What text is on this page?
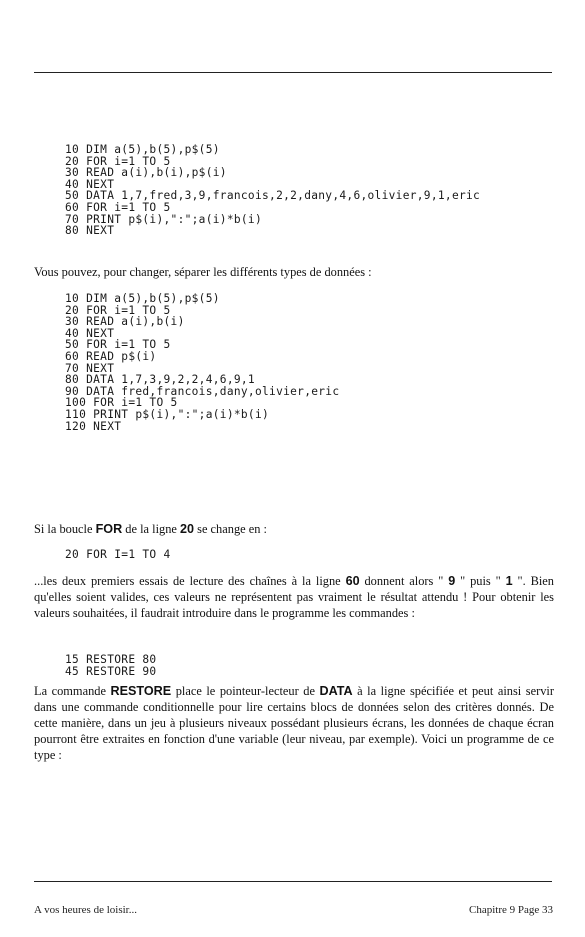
10 DIM a(5),b(5),p$(5)
20 FOR i=1 TO 5
30 READ a(i),b(i),p$(i)
40 NEXT
50 DATA 1,7,fred,3,9,francois,2,2,dany,4,6,olivier,9,1,eric
60 FOR i=1 TO 5
70 PRINT p$(i),":";a(i)*b(i)
80 NEXT

Vous pouvez, pour changer, séparer les différents types de données :

10 DIM a(5),b(5),p$(5)
20 FOR i=1 TO 5
30 READ a(i),b(i)
40 NEXT
50 FOR i=1 TO 5
60 READ p$(i)
70 NEXT
80 DATA 1,7,3,9,2,2,4,6,9,1
90 DATA fred,francois,dany,olivier,eric
100 FOR i=1 TO 5
110 PRINT p$(i),":";a(i)*b(i)
120 NEXT

Si la boucle FOR de la ligne 20 se change en :

20 FOR I=1 TO 4

...les deux premiers essais de lecture des chaînes à la ligne 60 donnent alors " 9 " puis " 1 ". Bien qu'elles soient valides, ces valeurs ne représentent pas vraiment le résultat attendu ! Pour obtenir les valeurs souhaitées, il faudrait introduire dans le programme les commandes :

15 RESTORE 80
45 RESTORE 90

La commande RESTORE place le pointeur-lecteur de DATA à la ligne spécifiée et peut ainsi servir dans une commande conditionnelle pour lire certains blocs de données selon des critères donnés. De cette manière, dans un jeu à plusieurs niveaux possédant plusieurs écrans, les données de chaque écran pourront être extraites en fonction d'une variable (leur niveau, par exemple). Voici un programme de ce type :

A vos heures de loisir...	Chapitre 9 Page 33
